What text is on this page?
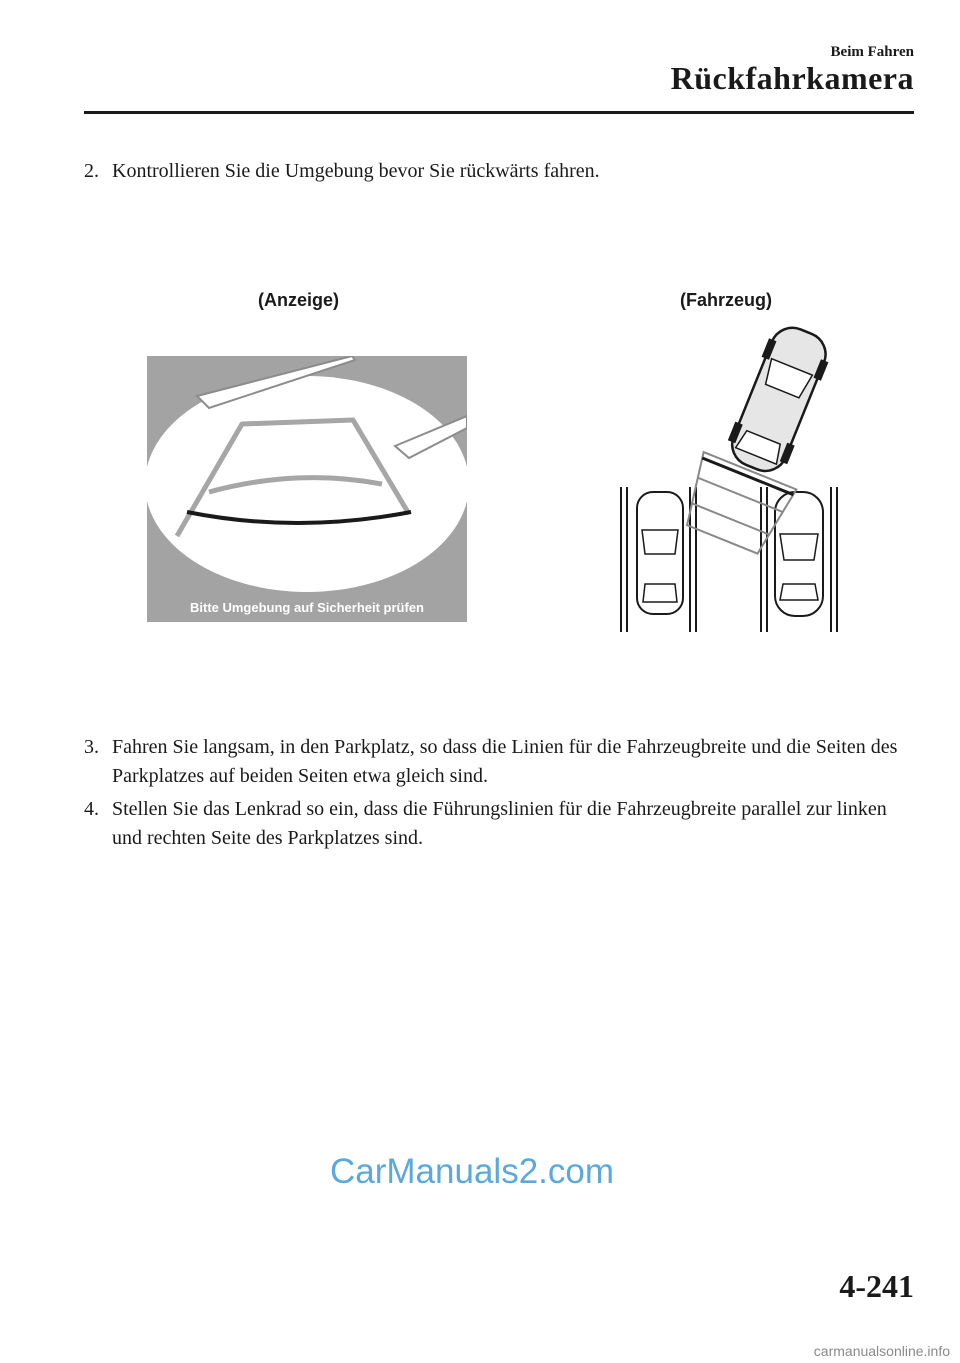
Beim Fahren
Rückfahrkamera
2. Kontrollieren Sie die Umgebung bevor Sie rückwärts fahren.
(Anzeige)	(Fahrzeug)
Bitte Umgebung auf Sicherheit prüfen
3. Fahren Sie langsam, in den Parkplatz, so dass die Linien für die Fahrzeugbreite und die Seiten des Parkplatzes auf beiden Seiten etwa gleich sind.
4. Stellen Sie das Lenkrad so ein, dass die Führungslinien für die Fahrzeugbreite parallel zur linken und rechten Seite des Parkplatzes sind.
CarManuals2.com
4-241
carmanualsonline.info
